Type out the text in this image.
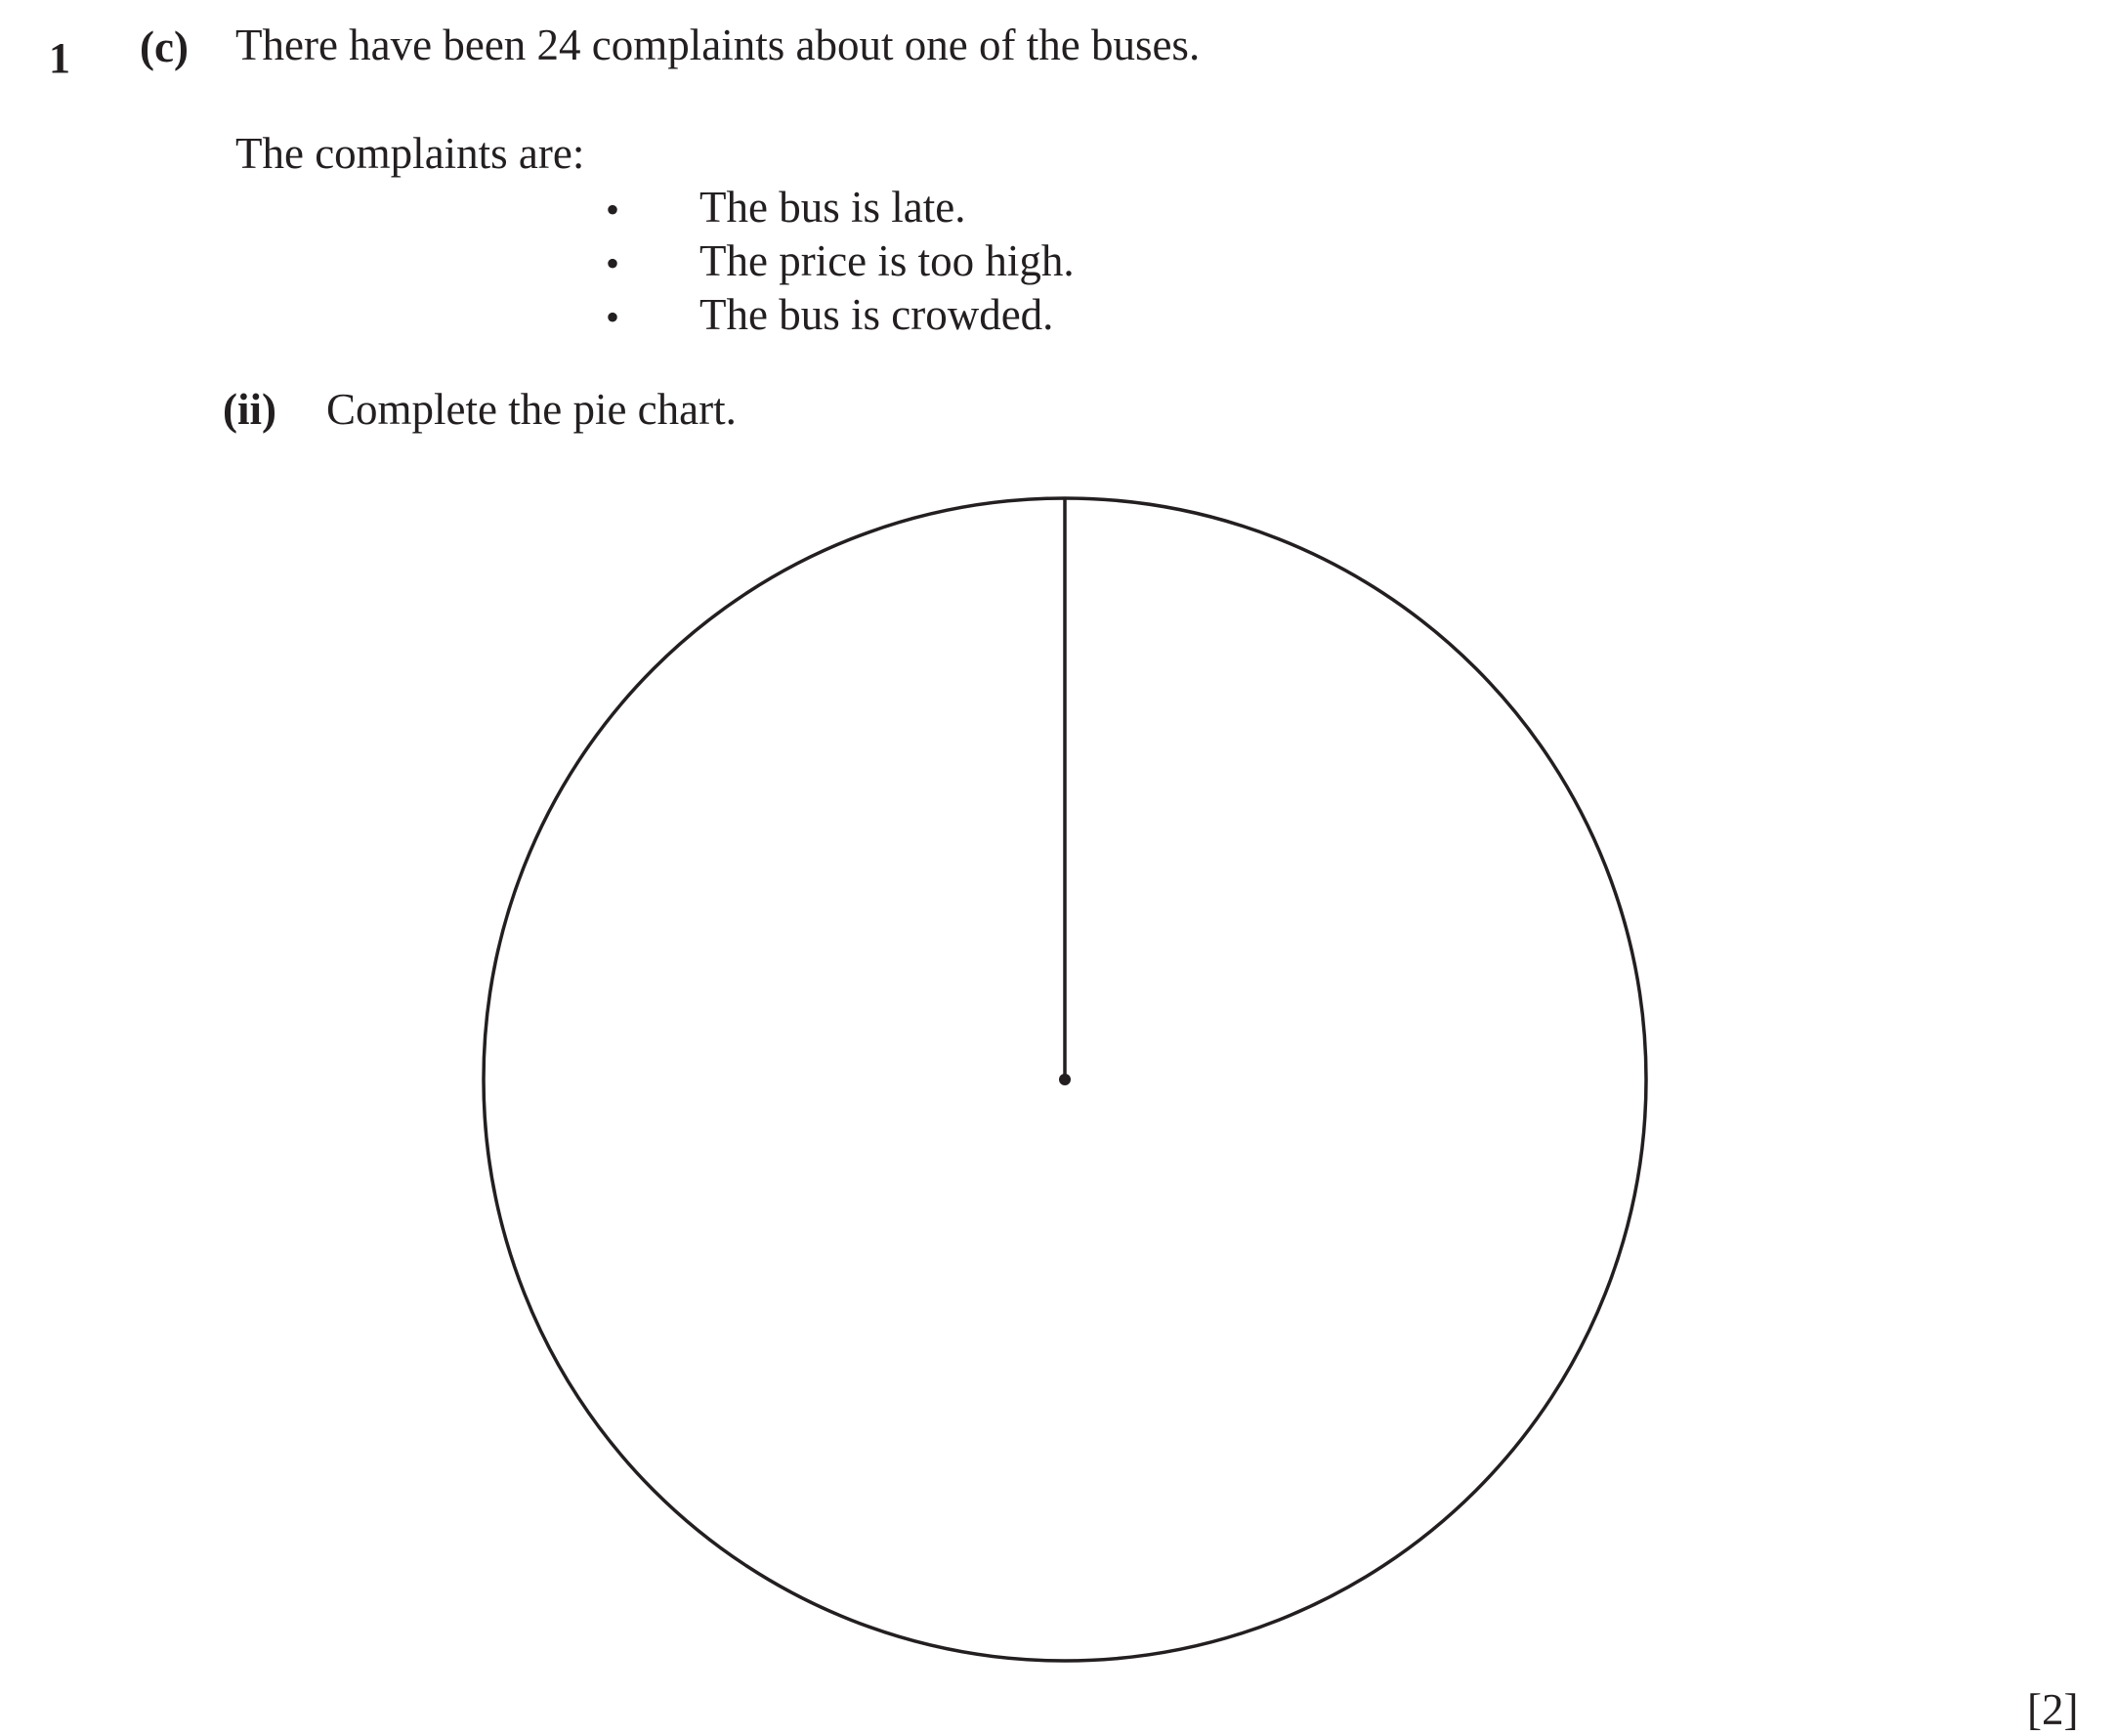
1 (c) There have been 24 complaints about one of the buses.
The complaints are:
• The bus is late.
• The price is too high.
• The bus is crowded.
(ii) Complete the pie chart.
[2]
